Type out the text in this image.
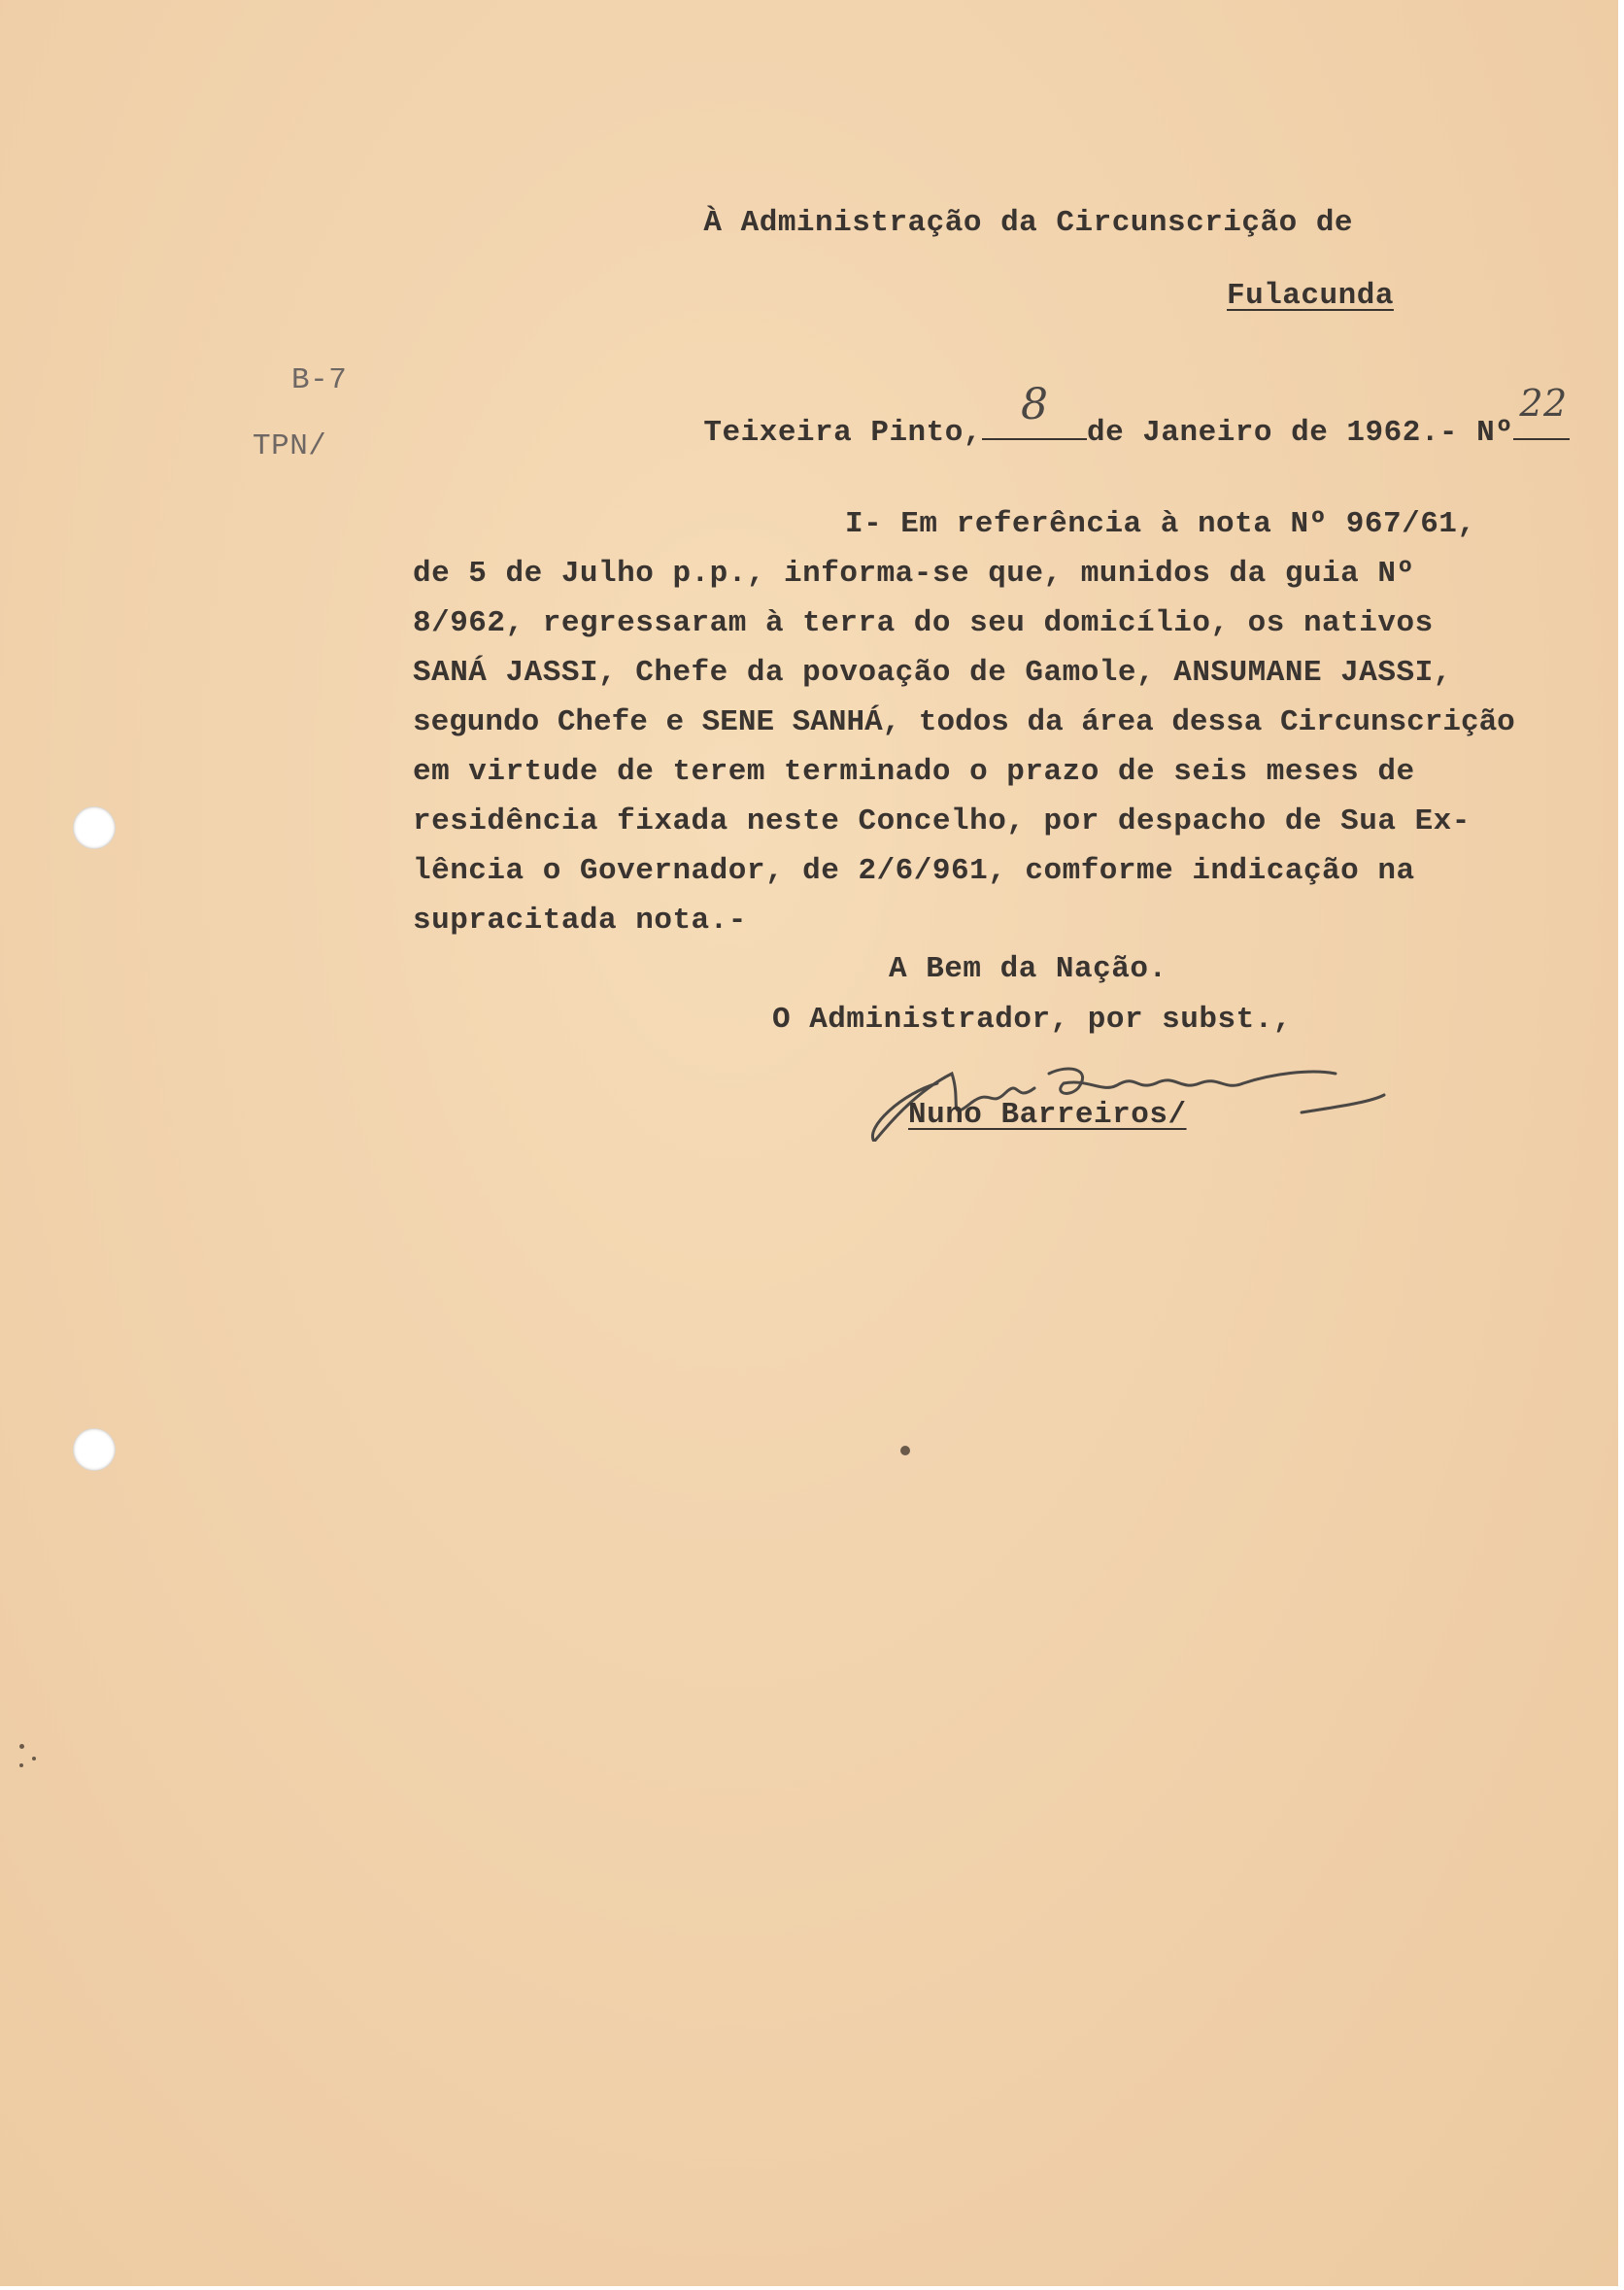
À Administração da Circunscrição de

Fulacunda
B-7
TPN/	Teixeira Pinto,
8
de Janeiro de 1962.- Nº
22

I- Em referência à nota Nº 967/61,
de 5 de Julho p.p., informa-se que, munidos da guia Nº
8/962, regressaram à terra do seu domicílio, os nativos
SANÁ JASSI, Chefe da povoação de Gamole, ANSUMANE JASSI,
segundo Chefe e SENE SANHÁ, todos da área dessa Circunscrição
em virtude de terem terminado o prazo de seis meses de
residência fixada neste Concelho, por despacho de Sua Ex-
lência o Governador, de 2/6/961, comforme indicação na
supracitada nota.-
A Bem da Nação.
O Administrador, por subst.,
Nuno Barreiros/
